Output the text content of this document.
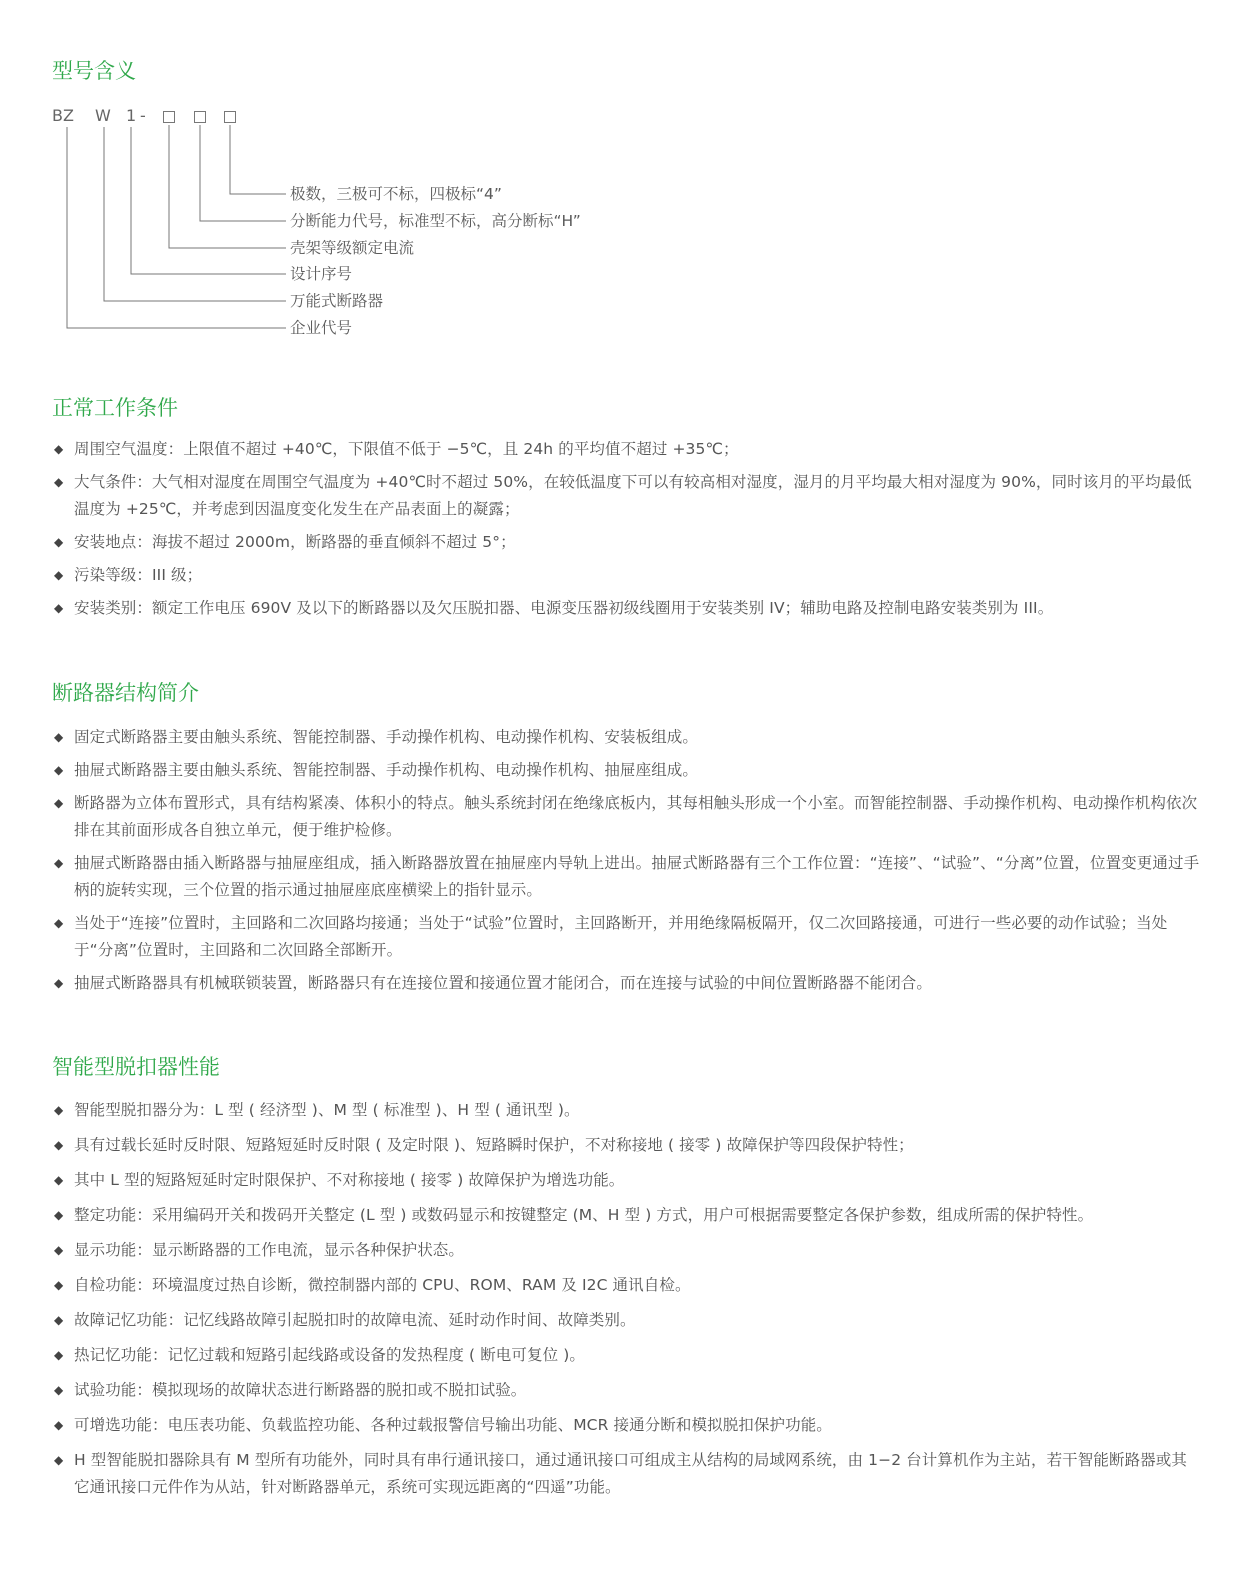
型号含义
BZ W 1 -
极数，三极可不标，四极标“4”
分断能力代号，标准型不标，高分断标“H”
壳架等级额定电流
设计序号
万能式断路器
企业代号
正常工作条件
◆ 周围空气温度：上限值不超过 +40℃，下限值不低于 −5℃，且 24h 的平均值不超过 +35℃；
◆ 大气条件：大气相对湿度在周围空气温度为 +40℃时不超过 50%，在较低温度下可以有较高相对湿度，湿月的月平均最大相对湿度为 90%，同时该月的平均最低温度为 +25℃，并考虑到因温度变化发生在产品表面上的凝露；
◆ 安装地点：海拔不超过 2000m，断路器的垂直倾斜不超过 5°；
◆ 污染等级：III 级；
◆ 安装类别：额定工作电压 690V 及以下的断路器以及欠压脱扣器、电源变压器初级线圈用于安装类别 IV；辅助电路及控制电路安装类别为 III。
断路器结构简介
◆ 固定式断路器主要由触头系统、智能控制器、手动操作机构、电动操作机构、安装板组成。
◆ 抽屉式断路器主要由触头系统、智能控制器、手动操作机构、电动操作机构、抽屉座组成。
◆ 断路器为立体布置形式，具有结构紧凑、体积小的特点。触头系统封闭在绝缘底板内，其每相触头形成一个小室。而智能控制器、手动操作机构、电动操作机构依次排在其前面形成各自独立单元，便于维护检修。
◆ 抽屉式断路器由插入断路器与抽屉座组成，插入断路器放置在抽屉座内导轨上进出。抽屉式断路器有三个工作位置：“连接”、“试验”、“分离”位置，位置变更通过手柄的旋转实现，三个位置的指示通过抽屉座底座横梁上的指针显示。
◆ 当处于“连接”位置时，主回路和二次回路均接通；当处于“试验”位置时，主回路断开，并用绝缘隔板隔开，仅二次回路接通，可进行一些必要的动作试验；当处于“分离”位置时，主回路和二次回路全部断开。
◆ 抽屉式断路器具有机械联锁装置，断路器只有在连接位置和接通位置才能闭合，而在连接与试验的中间位置断路器不能闭合。
智能型脱扣器性能
◆ 智能型脱扣器分为：L 型 ( 经济型 )、M 型 ( 标准型 )、H 型 ( 通讯型 )。
◆ 具有过载长延时反时限、短路短延时反时限 ( 及定时限 )、短路瞬时保护，不对称接地 ( 接零 ) 故障保护等四段保护特性；
◆ 其中 L 型的短路短延时定时限保护、不对称接地 ( 接零 ) 故障保护为增选功能。
◆ 整定功能：采用编码开关和拨码开关整定 (L 型 ) 或数码显示和按键整定 (M、H 型 ) 方式，用户可根据需要整定各保护参数，组成所需的保护特性。
◆ 显示功能：显示断路器的工作电流，显示各种保护状态。
◆ 自检功能：环境温度过热自诊断，微控制器内部的 CPU、ROM、RAM 及 I2C 通讯自检。
◆ 故障记忆功能：记忆线路故障引起脱扣时的故障电流、延时动作时间、故障类别。
◆ 热记忆功能：记忆过载和短路引起线路或设备的发热程度 ( 断电可复位 )。
◆ 试验功能：模拟现场的故障状态进行断路器的脱扣或不脱扣试验。
◆ 可增选功能：电压表功能、负载监控功能、各种过载报警信号输出功能、MCR 接通分断和模拟脱扣保护功能。
◆ H 型智能脱扣器除具有 M 型所有功能外，同时具有串行通讯接口，通过通讯接口可组成主从结构的局域网系统，由 1−2 台计算机作为主站，若干智能断路器或其它通讯接口元件作为从站，针对断路器单元，系统可实现远距离的“四遥”功能。
